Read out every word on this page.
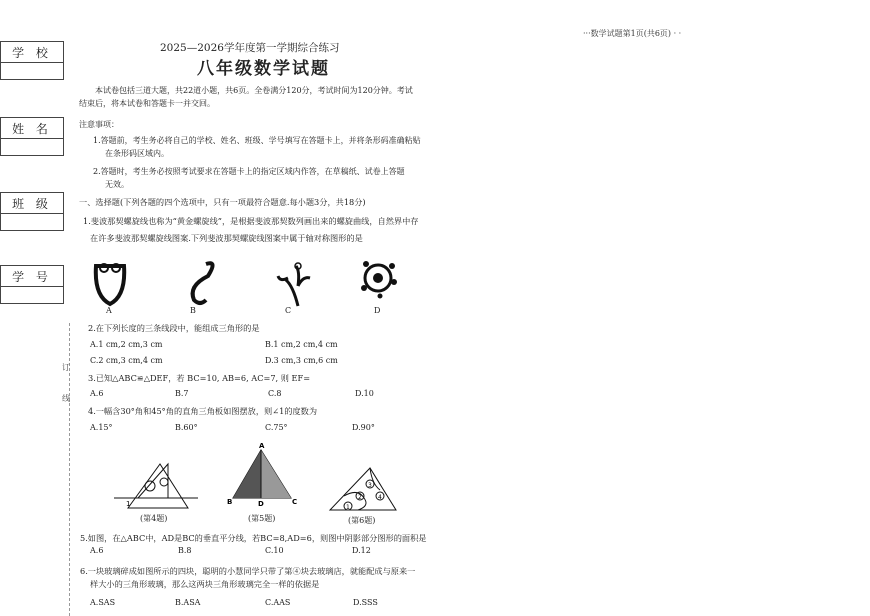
学 校
姓 名
班 级
学 号
订
线
···数学试题第1页(共6页) · ·
2025—2026学年度第一学期综合练习
八年级数学试题
本试卷包括三道大题，共22道小题，共6页。全卷满分120分，考试时间为120分钟。考试
结束后，将本试卷和答题卡一并交回。
注意事项：
1.答题前，考生务必将自己的学校、姓名、班级、学号填写在答题卡上，并将条形码准确粘贴
在条形码区域内。
2.答题时，考生务必按照考试要求在答题卡上的指定区域内作答，在草稿纸、试卷上答题
无效。
一、选择题(下列各题的四个选项中，只有一项最符合题意.每小题3分，共18分)
1.斐波那契螺旋线也称为“黄金螺旋线”，是根据斐波那契数列画出来的螺旋曲线，自然界中存
在许多斐波那契螺旋线图案.下列斐波那契螺旋线图案中属于轴对称图形的是
A	B	C	D
2.在下列长度的三条线段中，能组成三角形的是
A.1 cm,2 cm,3 cm	B.1 cm,2 cm,4 cm
C.2 cm,3 cm,4 cm	D.3 cm,3 cm,6 cm
3.已知△ABC≌△DEF，若 BC=10, AB=6, AC=7, 则 EF=
A.6	B.7	C.8	D.10
4.一幅含30°角和45°角的直角三角板如图摆放，则∠1的度数为
A.15°	B.60°	C.75°	D.90°
1
A
B	D	C
1
2
3
4
(第4题)	(第5题)	(第6题)
5.如图，在△ABC中，AD是BC的垂直平分线，若BC=8,AD=6，则图中阴影部分图形的面积是
A.6	B.8	C.10	D.12
6.一块玻璃碎成如图所示的四块，聪明的小慧同学只带了第④块去玻璃店，就能配成与原来一
样大小的三角形玻璃，那么这两块三角形玻璃完全一样的依据是
A.SAS	B.ASA	C.AAS	D.SSS
